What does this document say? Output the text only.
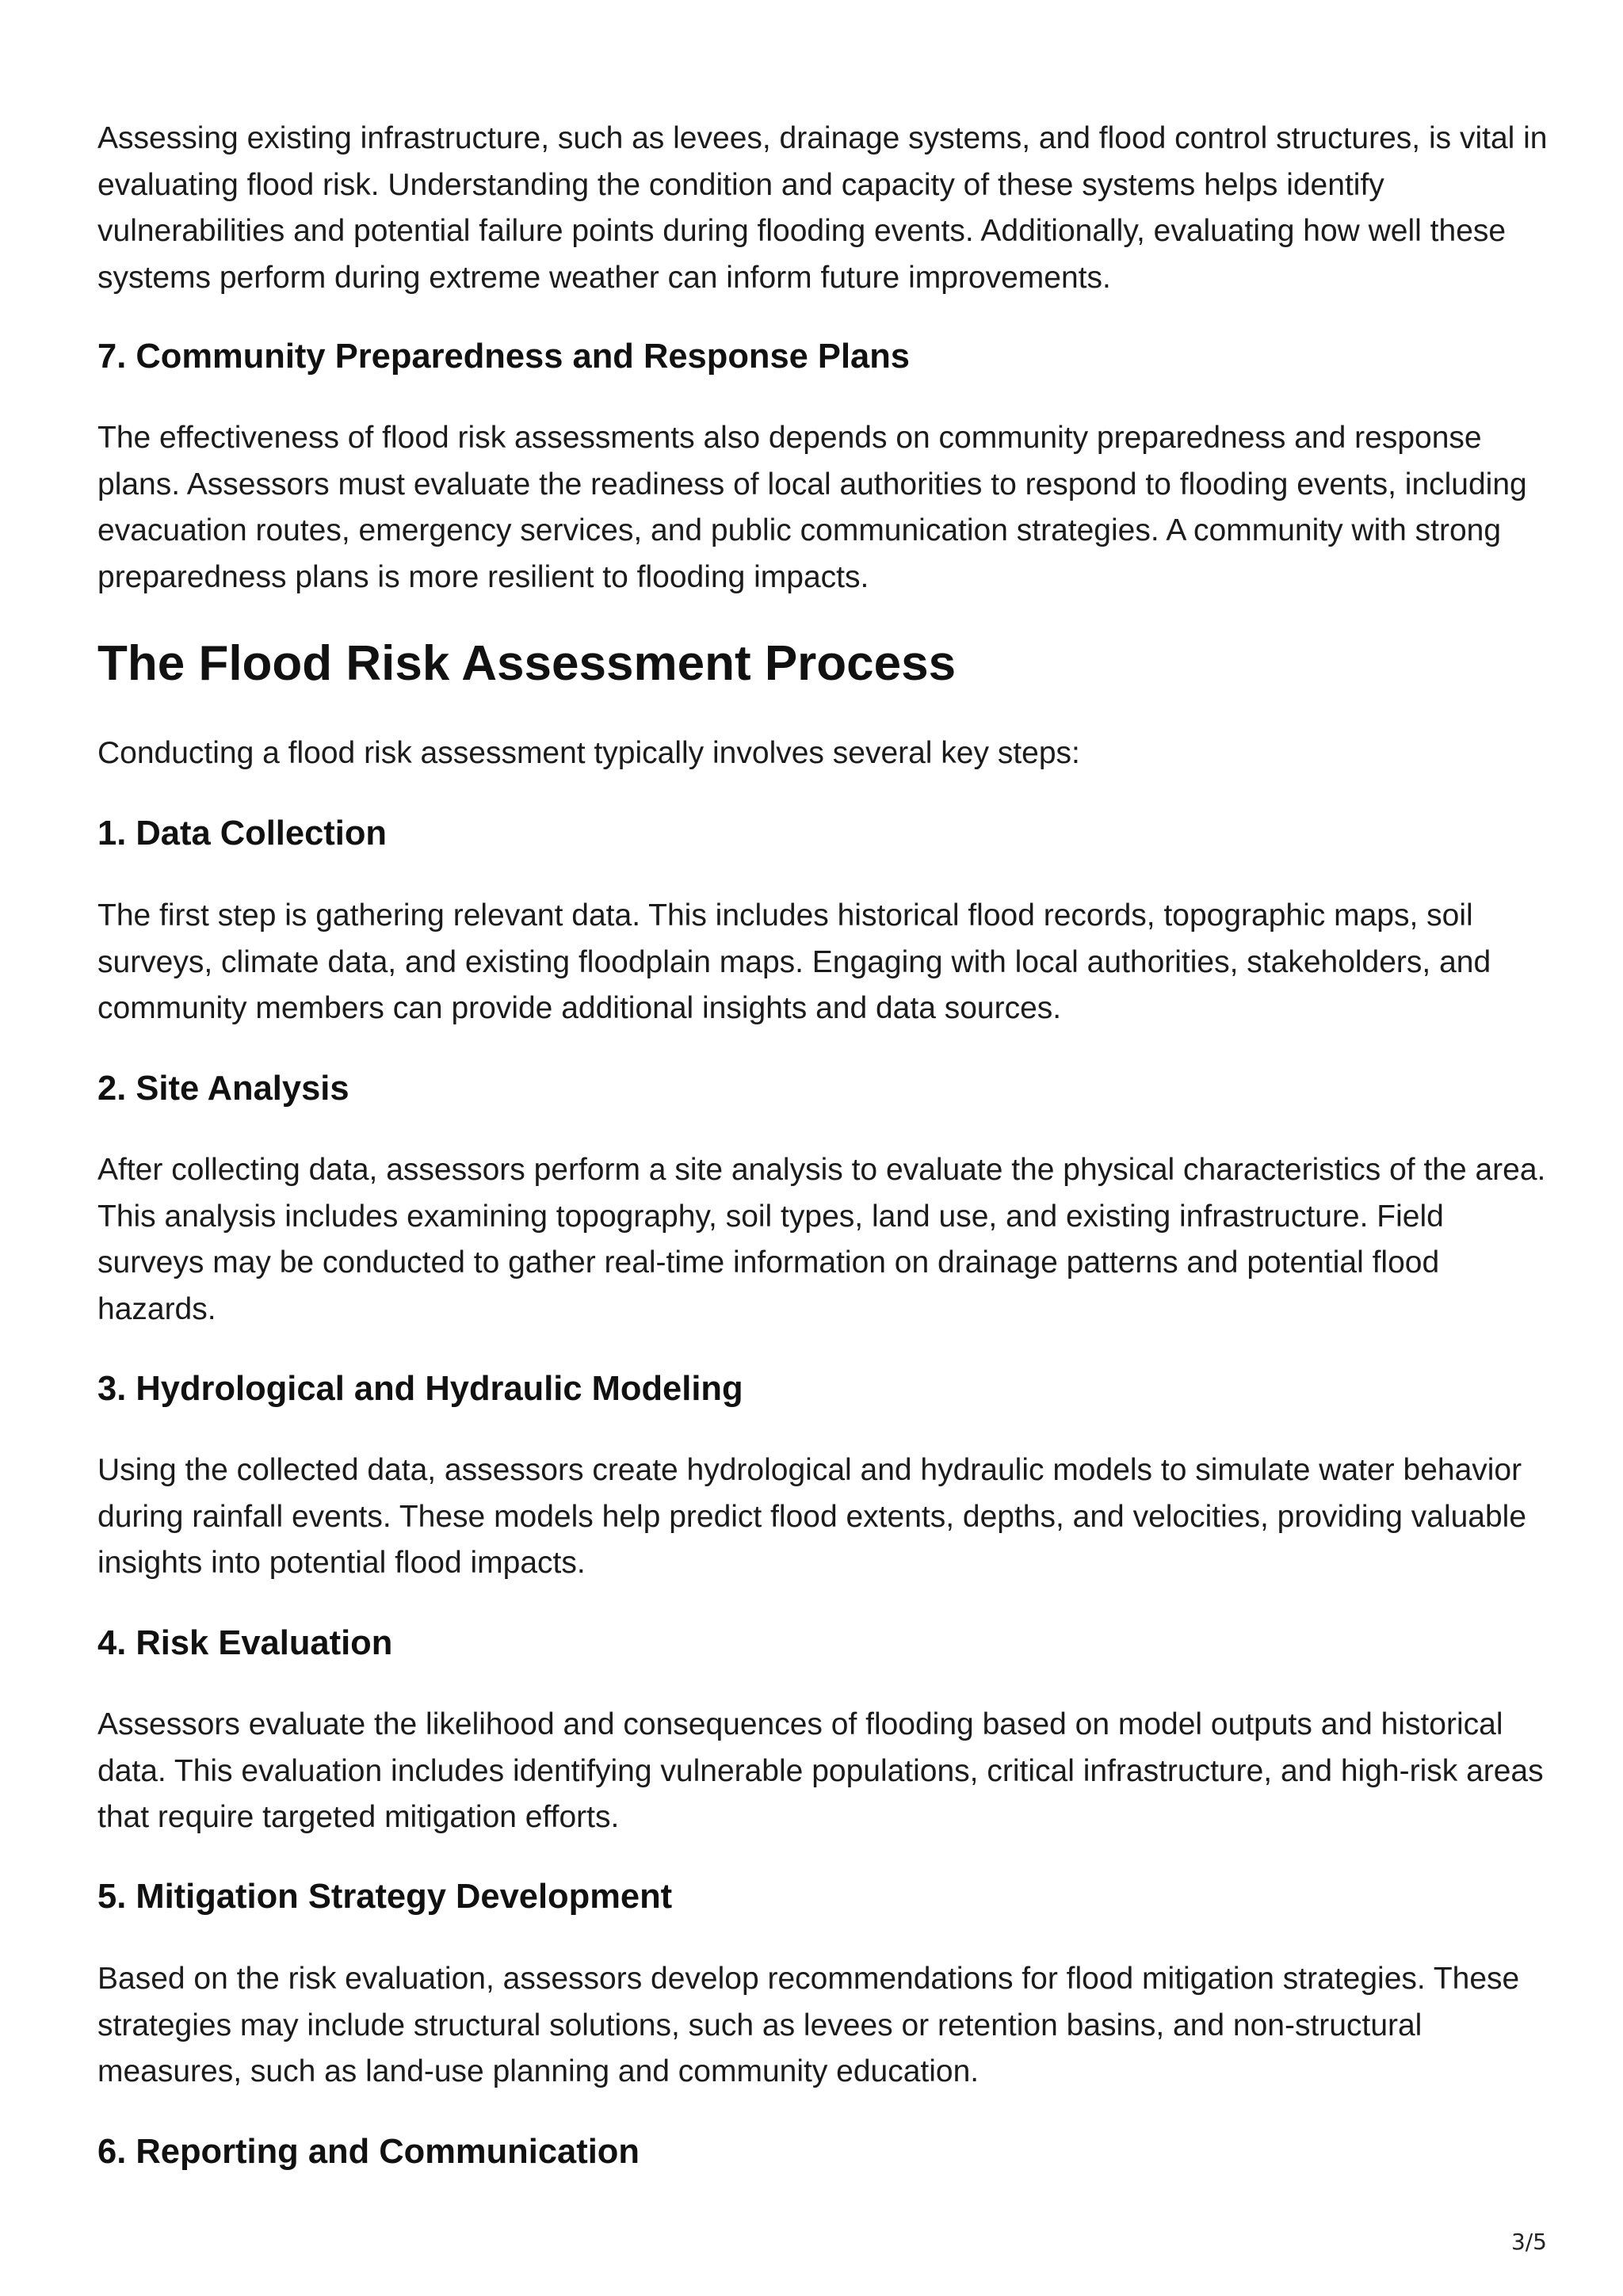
Assessing existing infrastructure, such as levees, drainage systems, and flood control structures, is vital in evaluating flood risk. Understanding the condition and capacity of these systems helps identify vulnerabilities and potential failure points during flooding events. Additionally, evaluating how well these systems perform during extreme weather can inform future improvements.

7. Community Preparedness and Response Plans

The effectiveness of flood risk assessments also depends on community preparedness and response plans. Assessors must evaluate the readiness of local authorities to respond to flooding events, including evacuation routes, emergency services, and public communication strategies. A community with strong preparedness plans is more resilient to flooding impacts.

The Flood Risk Assessment Process

Conducting a flood risk assessment typically involves several key steps:

1. Data Collection

The first step is gathering relevant data. This includes historical flood records, topographic maps, soil surveys, climate data, and existing floodplain maps. Engaging with local authorities, stakeholders, and community members can provide additional insights and data sources.

2. Site Analysis

After collecting data, assessors perform a site analysis to evaluate the physical characteristics of the area. This analysis includes examining topography, soil types, land use, and existing infrastructure. Field surveys may be conducted to gather real-time information on drainage patterns and potential flood hazards.

3. Hydrological and Hydraulic Modeling

Using the collected data, assessors create hydrological and hydraulic models to simulate water behavior during rainfall events. These models help predict flood extents, depths, and velocities, providing valuable insights into potential flood impacts.

4. Risk Evaluation

Assessors evaluate the likelihood and consequences of flooding based on model outputs and historical data. This evaluation includes identifying vulnerable populations, critical infrastructure, and high-risk areas that require targeted mitigation efforts.

5. Mitigation Strategy Development

Based on the risk evaluation, assessors develop recommendations for flood mitigation strategies. These strategies may include structural solutions, such as levees or retention basins, and non-structural measures, such as land-use planning and community education.

6. Reporting and Communication
3/5
